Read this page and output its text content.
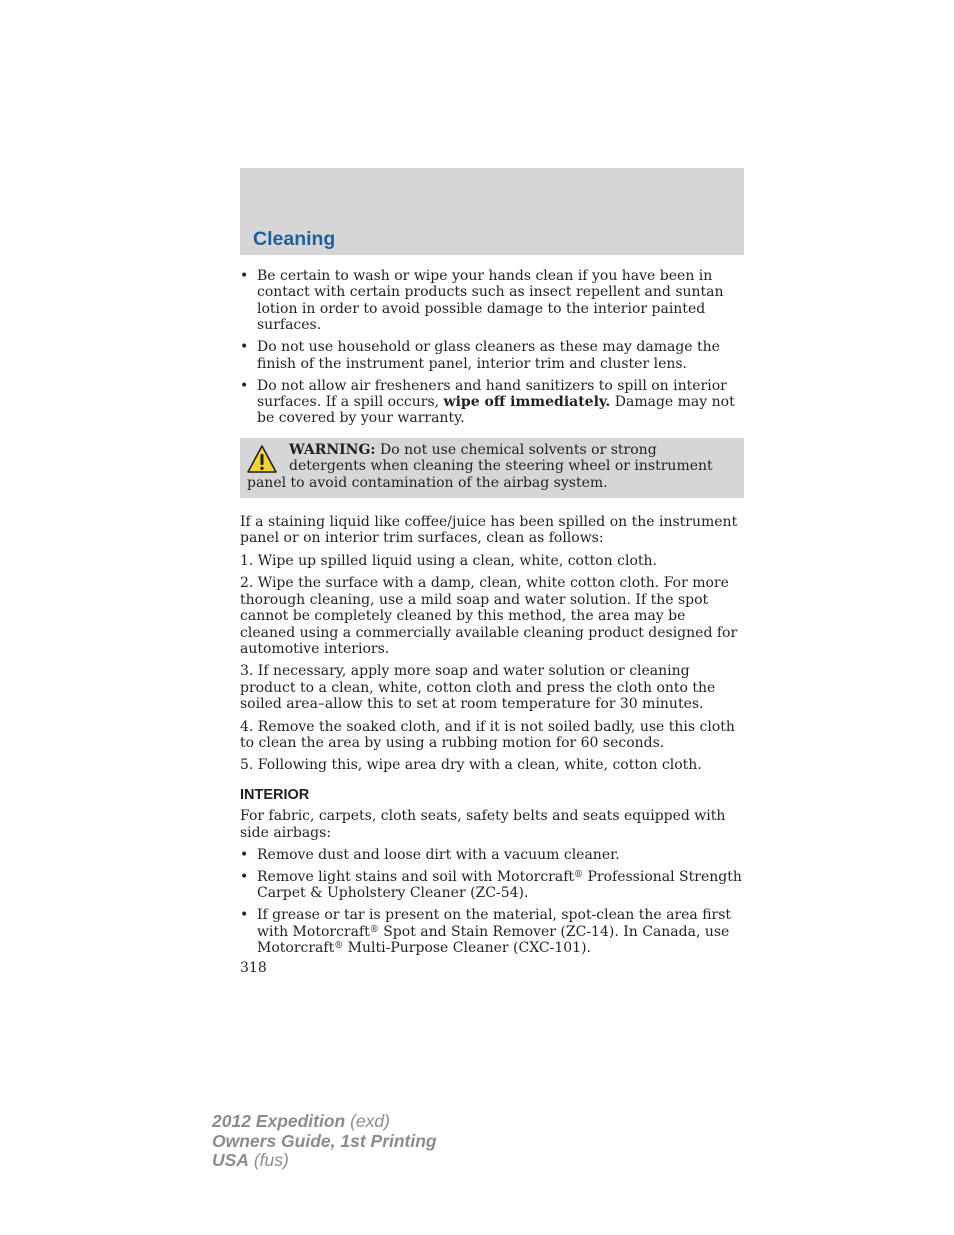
Cleaning
• Be certain to wash or wipe your hands clean if you have been in contact with certain products such as insect repellent and suntan lotion in order to avoid possible damage to the interior painted surfaces.
• Do not use household or glass cleaners as these may damage the finish of the instrument panel, interior trim and cluster lens.
• Do not allow air fresheners and hand sanitizers to spill on interior surfaces. If a spill occurs, wipe off immediately. Damage may not be covered by your warranty.
WARNING: Do not use chemical solvents or strong detergents when cleaning the steering wheel or instrument panel to avoid contamination of the airbag system.

If a staining liquid like coffee/juice has been spilled on the instrument panel or on interior trim surfaces, clean as follows:

1. Wipe up spilled liquid using a clean, white, cotton cloth.

2. Wipe the surface with a damp, clean, white cotton cloth. For more thorough cleaning, use a mild soap and water solution. If the spot cannot be completely cleaned by this method, the area may be cleaned using a commercially available cleaning product designed for automotive interiors.

3. If necessary, apply more soap and water solution or cleaning product to a clean, white, cotton cloth and press the cloth onto the soiled area–allow this to set at room temperature for 30 minutes.

4. Remove the soaked cloth, and if it is not soiled badly, use this cloth to clean the area by using a rubbing motion for 60 seconds.

5. Following this, wipe area dry with a clean, white, cotton cloth.

INTERIOR

For fabric, carpets, cloth seats, safety belts and seats equipped with side airbags:

• Remove dust and loose dirt with a vacuum cleaner.
• Remove light stains and soil with Motorcraft® Professional Strength Carpet & Upholstery Cleaner (ZC-54).
• If grease or tar is present on the material, spot-clean the area first with Motorcraft® Spot and Stain Remover (ZC-14). In Canada, use Motorcraft® Multi-Purpose Cleaner (CXC-101).
318
2012 Expedition (exd)
Owners Guide, 1st Printing
USA (fus)
